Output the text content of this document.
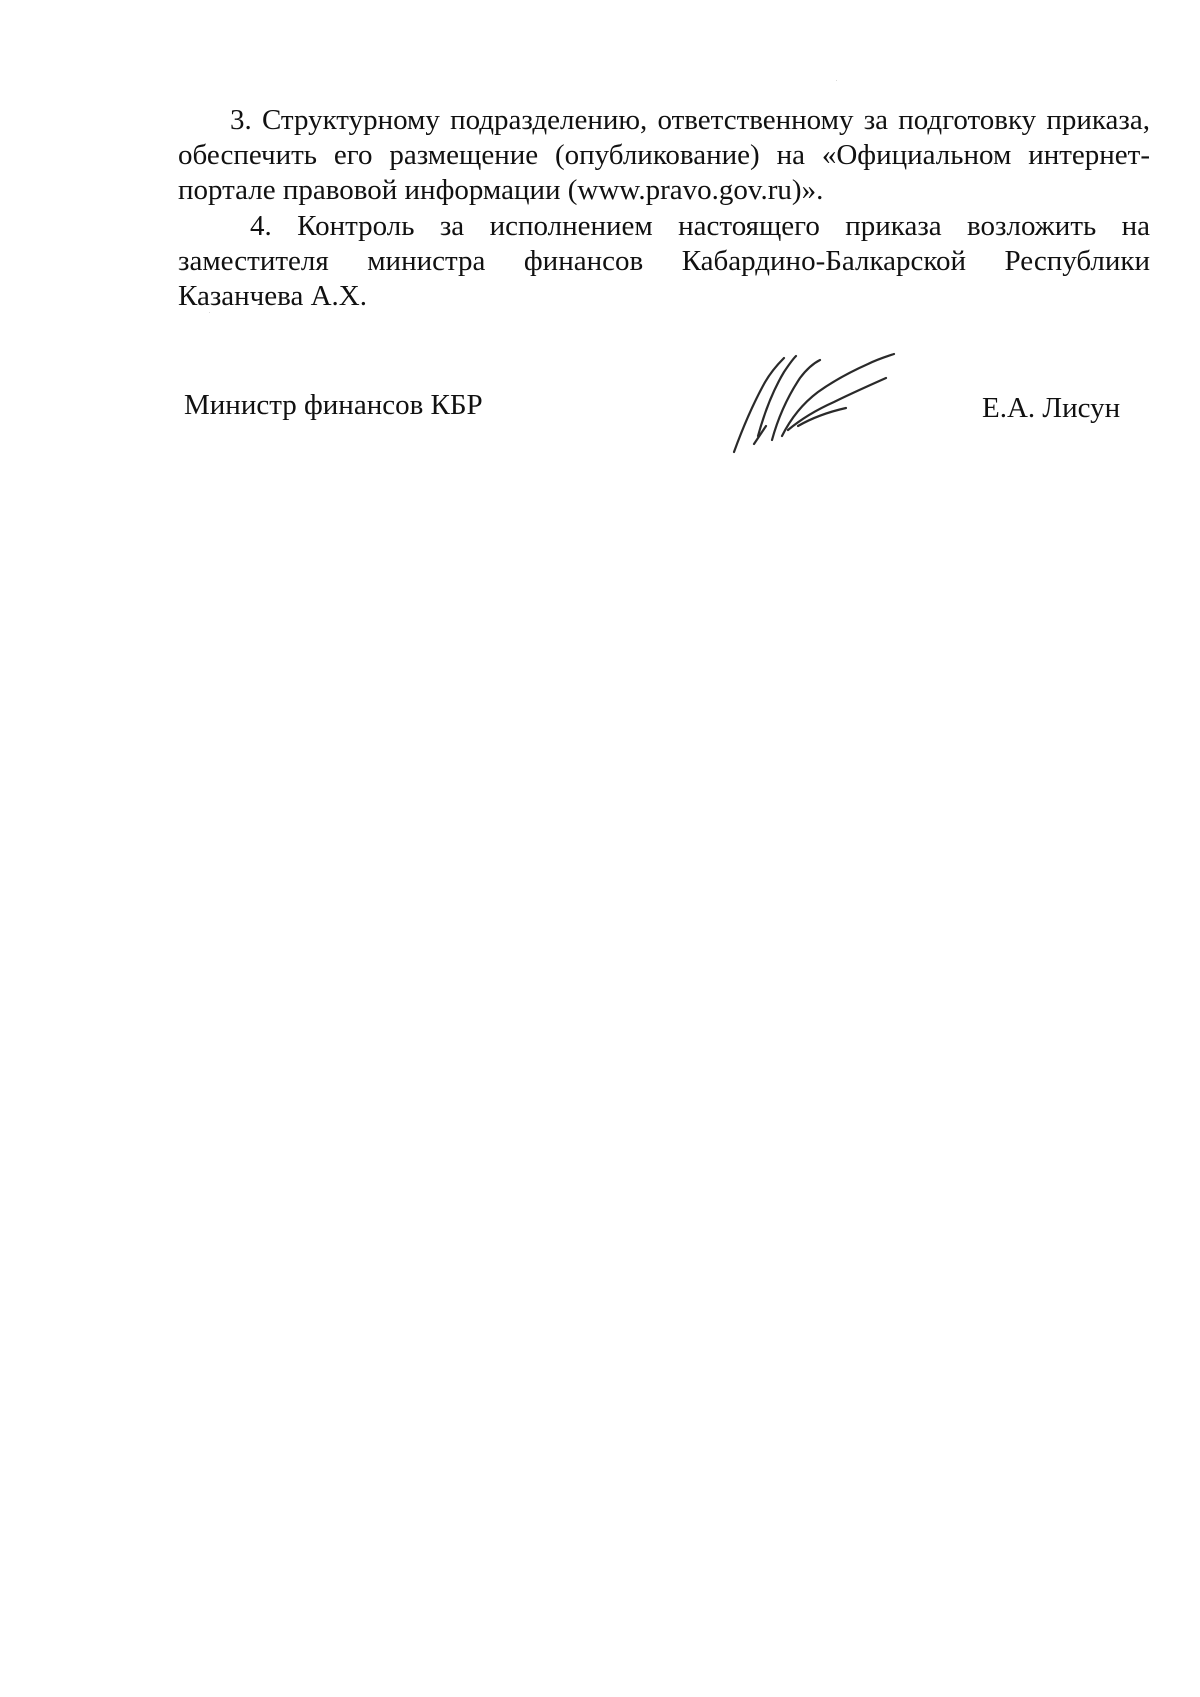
3. Структурному подразделению, ответственному за подготовку приказа, обеспечить его размещение (опубликование) на «Официальном интернет-портале правовой информации (www.pravo.gov.ru)».

4. Контроль за исполнением настоящего приказа возложить на заместителя министра финансов Кабардино-Балкарской Республики Казанчева А.Х.

Министр финансов КБР	Е.А. Лисун
